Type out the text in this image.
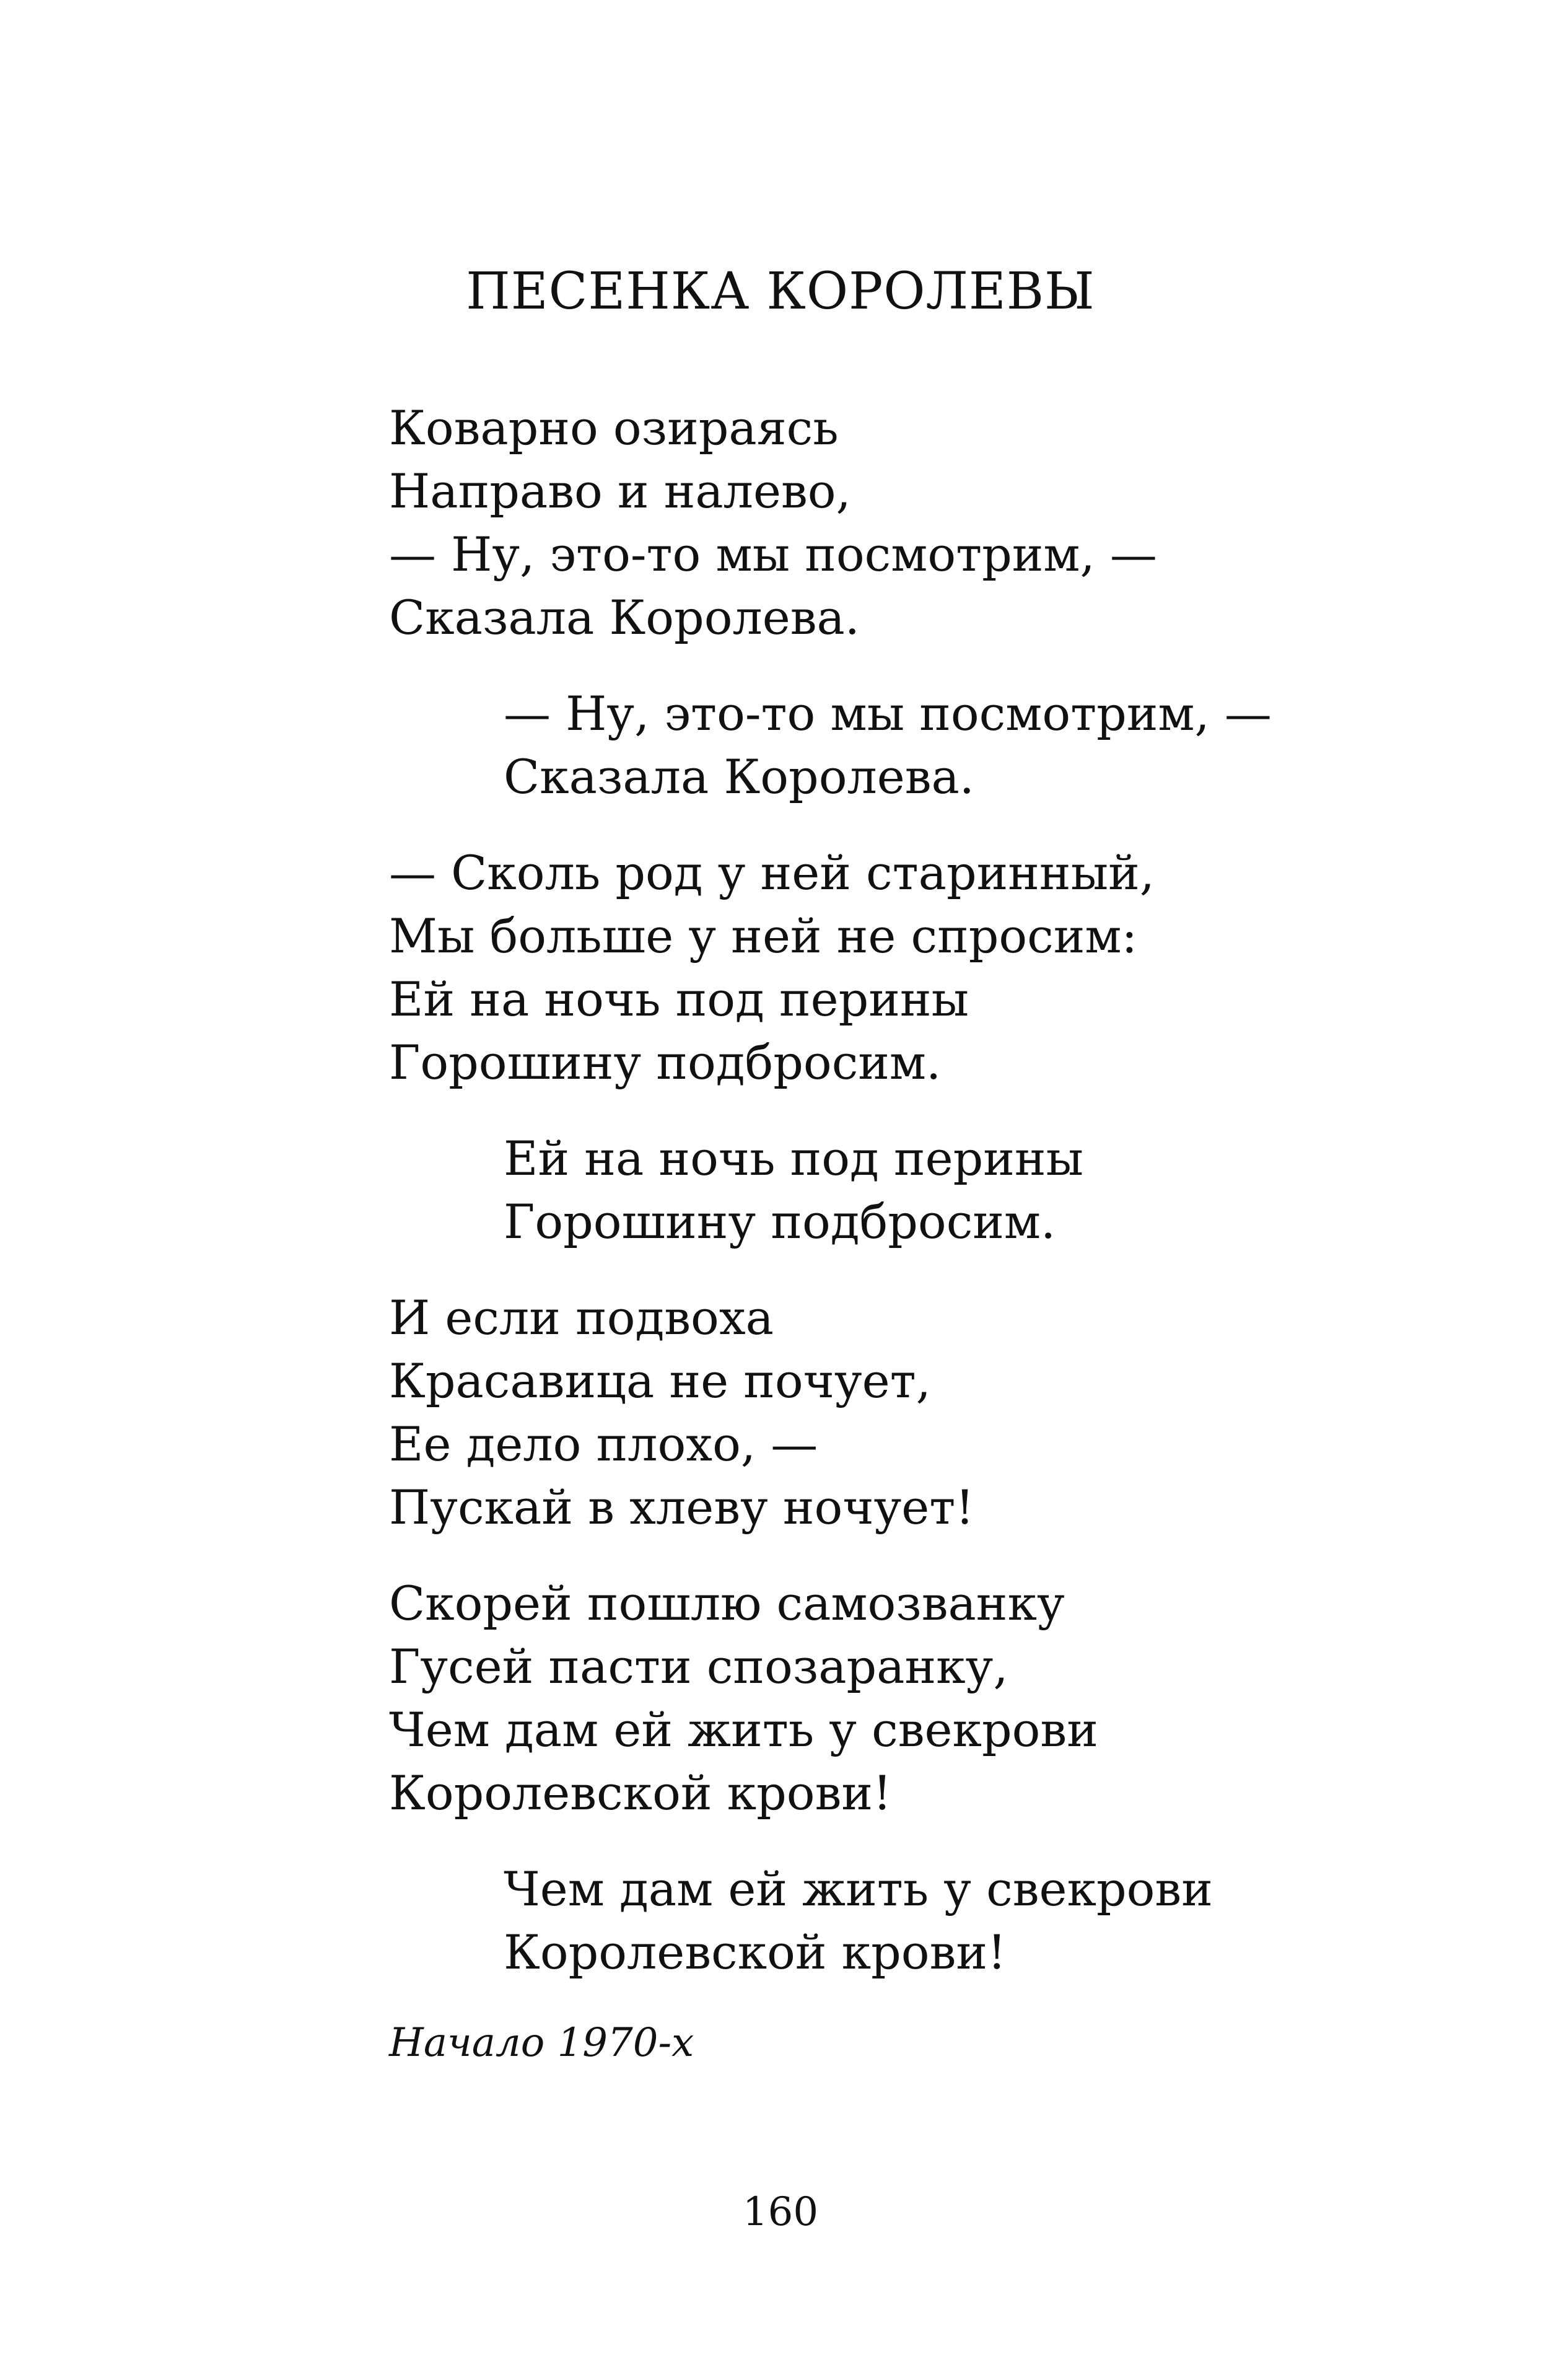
ПЕСЕНКА КОРОЛЕВЫ
Коварно озираясь
Направо и налево,
— Ну, это-то мы посмотрим, —
Сказала Королева.
— Ну, это-то мы посмотрим, —
Сказала Королева.
— Сколь род у ней старинный,
Мы больше у ней не спросим:
Ей на ночь под перины
Горошину подбросим.
Ей на ночь под перины
Горошину подбросим.
И если подвоха
Красавица не почует,
Ее дело плохо, —
Пускай в хлеву ночует!
Скорей пошлю самозванку
Гусей пасти спозаранку,
Чем дам ей жить у свекрови
Королевской крови!
Чем дам ей жить у свекрови
Королевской крови!
Начало 1970-х
160
